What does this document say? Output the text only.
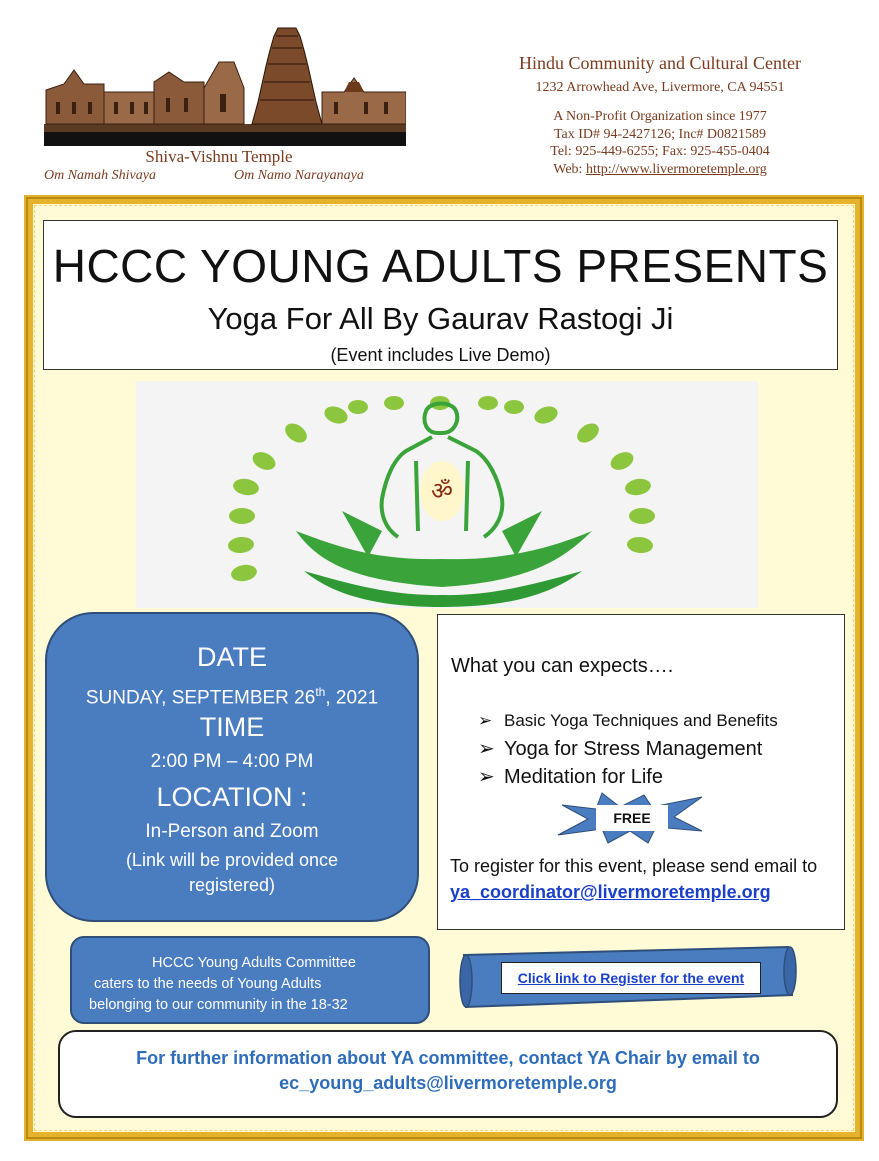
Shiva-Vishnu Temple
Om Namah Shivaya	Om Namo Narayanaya
Hindu Community and Cultural Center
1232 Arrowhead Ave, Livermore, CA 94551
A Non-Profit Organization since 1977
Tax ID# 94-2427126; Inc# D0821589
Tel: 925-449-6255; Fax: 925-455-0404
Web: http://www.livermoretemple.org
HCCC YOUNG ADULTS PRESENTS
Yoga For All By Gaurav Rastogi Ji
(Event includes Live Demo)
ॐ
DATE
SUNDAY, SEPTEMBER 26th, 2021
TIME
2:00 PM – 4:00 PM
LOCATION :
In-Person and Zoom
(Link will be provided once registered)
What you can expects….
➢ Basic Yoga Techniques and Benefits
➢ Yoga for Stress Management
➢ Meditation for Life
FREE
To register for this event, please send email to ya_coordinator@livermoretemple.org
HCCC Young Adults Committee
caters to the needs of Young Adults
belonging to our community in the 18-32
Click link to Register for the event
For further information about YA committee, contact YA Chair by email to
ec_young_adults@livermoretemple.org
